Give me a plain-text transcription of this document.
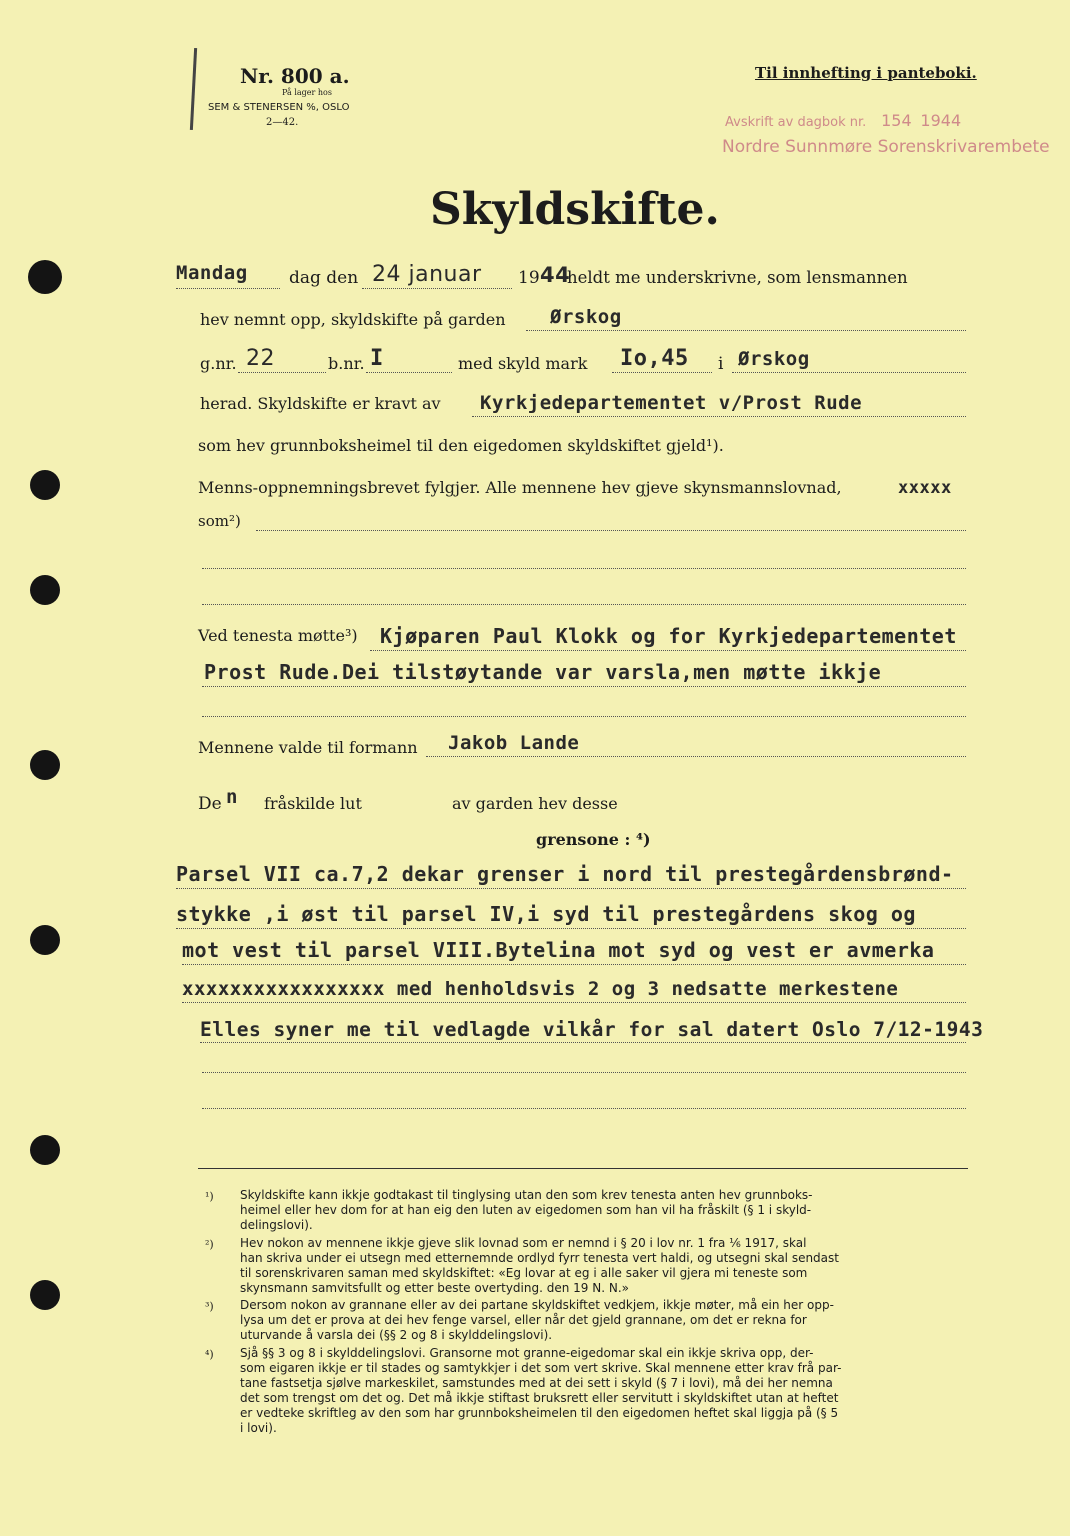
Nr. 800 a.
På lager hos
SEM & STENERSEN %, OSLO
2—42.
Til innhefting i panteboki.
Avskrift av dagbok nr. 154 1944
Nordre Sunnmøre Sorenskrivarembete
Skyldskifte.
Mandag dag den 24 januar 19 44
heldt me underskrivne, som lensmannen
hev nemnt opp, skyldskifte på garden Ørskog
g.nr. 22	b.nr. I	med skyld mark Io,45 i Ørskog
herad. Skyldskifte er kravt av Kyrkjedepartementet v/Prost Rude
som hev grunnboksheimel til den eigedomen skyldskiftet gjeld¹).
Menns-oppnemningsbrevet fylgjer. Alle mennene hev gjeve skynsmannslovnad,	xxxxx
som²)
Ved tenesta møtte³) Kjøparen Paul Klokk og for Kyrkjedepartementet
Prost Rude.Dei tilstøytande var varsla,men møtte ikkje
Mennene valde til formann Jakob Lande
De n fråskilde lut	av garden hev desse
grensone : ⁴)
Parsel VII ca.7,2 dekar grenser i nord til prestegårdensbrønd-
stykke ,i øst til parsel IV,i syd til prestegårdens skog og
mot vest til parsel VIII.Bytelina mot syd og vest er avmerka
xxxxxxxxxxxxxxxxx med henholdsvis 2 og 3 nedsatte merkestene
Elles syner me til vedlagde vilkår for sal datert Oslo 7/12-1943
¹) Skyldskifte kann ikkje godtakast til tinglysing utan den som krev tenesta anten hev grunnboks-
heimel eller hev dom for at han eig den luten av eigedomen som han vil ha fråskilt (§ 1 i skyld-
delingslovi).
²) Hev nokon av mennene ikkje gjeve slik lovnad som er nemnd i § 20 i lov nr. 1 fra ⅙ 1917, skal
han skriva under ei utsegn med etternemnde ordlyd fyrr tenesta vert haldi, og utsegni skal sendast
til sorenskrivaren saman med skyldskiftet: «Eg lovar at eg i alle saker vil gjera mi teneste som
skynsmann samvitsfullt og etter beste overtyding. den 19 N. N.»
³) Dersom nokon av grannane eller av dei partane skyldskiftet vedkjem, ikkje møter, må ein her opp-
lysa um det er prova at dei hev fenge varsel, eller når det gjeld grannane, om det er rekna for
uturvande å varsla dei (§§ 2 og 8 i skylddelingslovi).
⁴) Sjå §§ 3 og 8 i skylddelingslovi. Gransorne mot granne-eigedomar skal ein ikkje skriva opp, der-
som eigaren ikkje er til stades og samtykkjer i det som vert skrive. Skal mennene etter krav frå par-
tane fastsetja sjølve markeskilet, samstundes med at dei sett i skyld (§ 7 i lovi), må dei her nemna
det som trengst om det og. Det må ikkje stiftast bruksrett eller servitutt i skyldskiftet utan at heftet
er vedteke skriftleg av den som har grunnboksheimelen til den eigedomen heftet skal liggja på (§ 5
i lovi).
